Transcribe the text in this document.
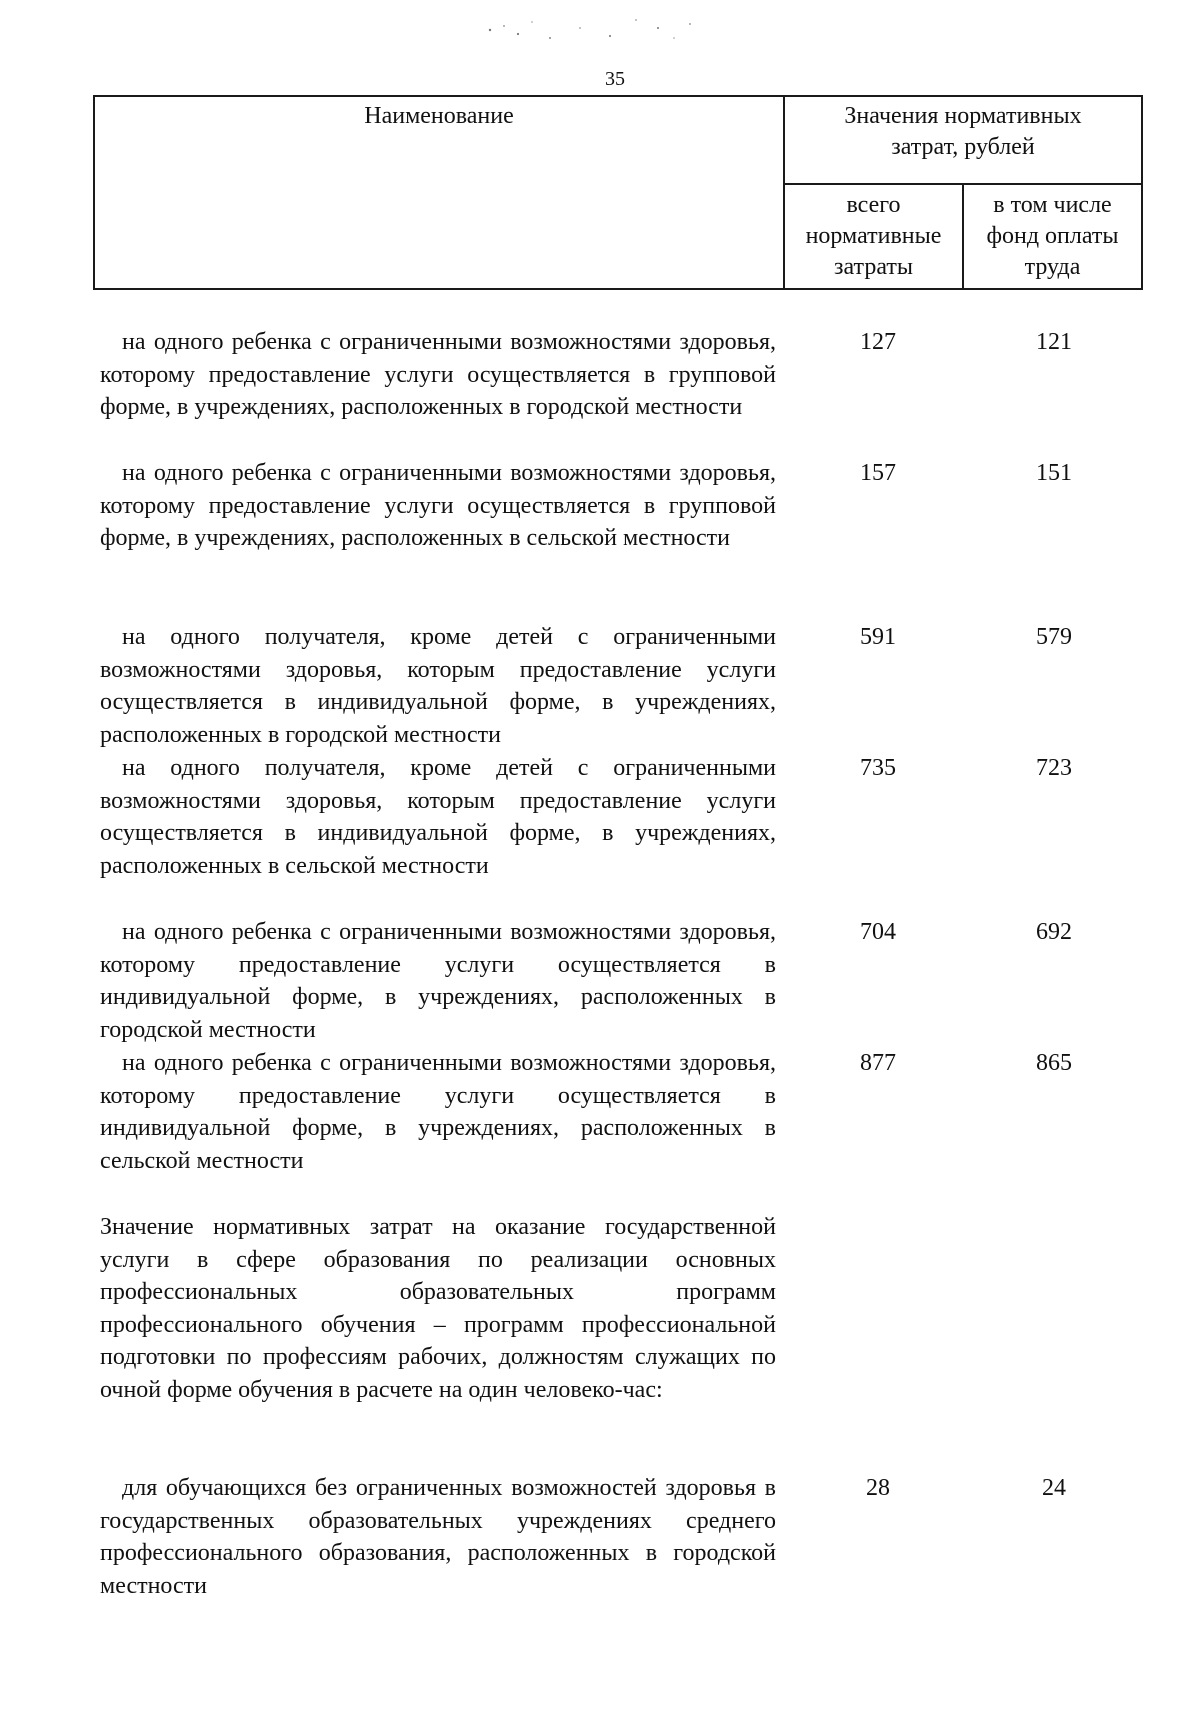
35
Наименование	Значения нормативных затрат, рублей	

	всего нормативные затраты	в том числе фонд оплаты труда
на одного ребенка с ограниченными возможностями здоровья, которому предоставление услуги осуществляется в групповой форме, в учреждениях, расположенных в городской местности
127	121
на одного ребенка с ограниченными возможностями здоровья, которому предоставление услуги осуществляется в групповой форме, в учреждениях, расположенных в сельской местности
157	151
на одного получателя, кроме детей с ограниченными возможностями здоровья, которым предоставление услуги осуществляется в индивидуальной форме, в учреждениях, расположенных в городской местности
591	579
на одного получателя, кроме детей с ограниченными возможностями здоровья, которым предоставление услуги осуществляется в индивидуальной форме, в учреждениях, расположенных в сельской местности
735	723
на одного ребенка с ограниченными возможностями здоровья, которому предоставление услуги осуществляется в индивидуальной форме, в учреждениях, расположенных в городской местности
704	692
на одного ребенка с ограниченными возможностями здоровья, которому предоставление услуги осуществляется в индивидуальной форме, в учреждениях, расположенных в сельской местности
877	865
Значение нормативных затрат на оказание государственной услуги в сфере образования по реализации основных профессиональных образовательных программ профессионального обучения – программ профессиональной подготовки по профессиям рабочих, должностям служащих по очной форме обучения в расчете на один человеко-час:
для обучающихся без ограниченных возможностей здоровья в государственных образовательных учреждениях среднего профессионального образования, расположенных в городской местности
28	24
